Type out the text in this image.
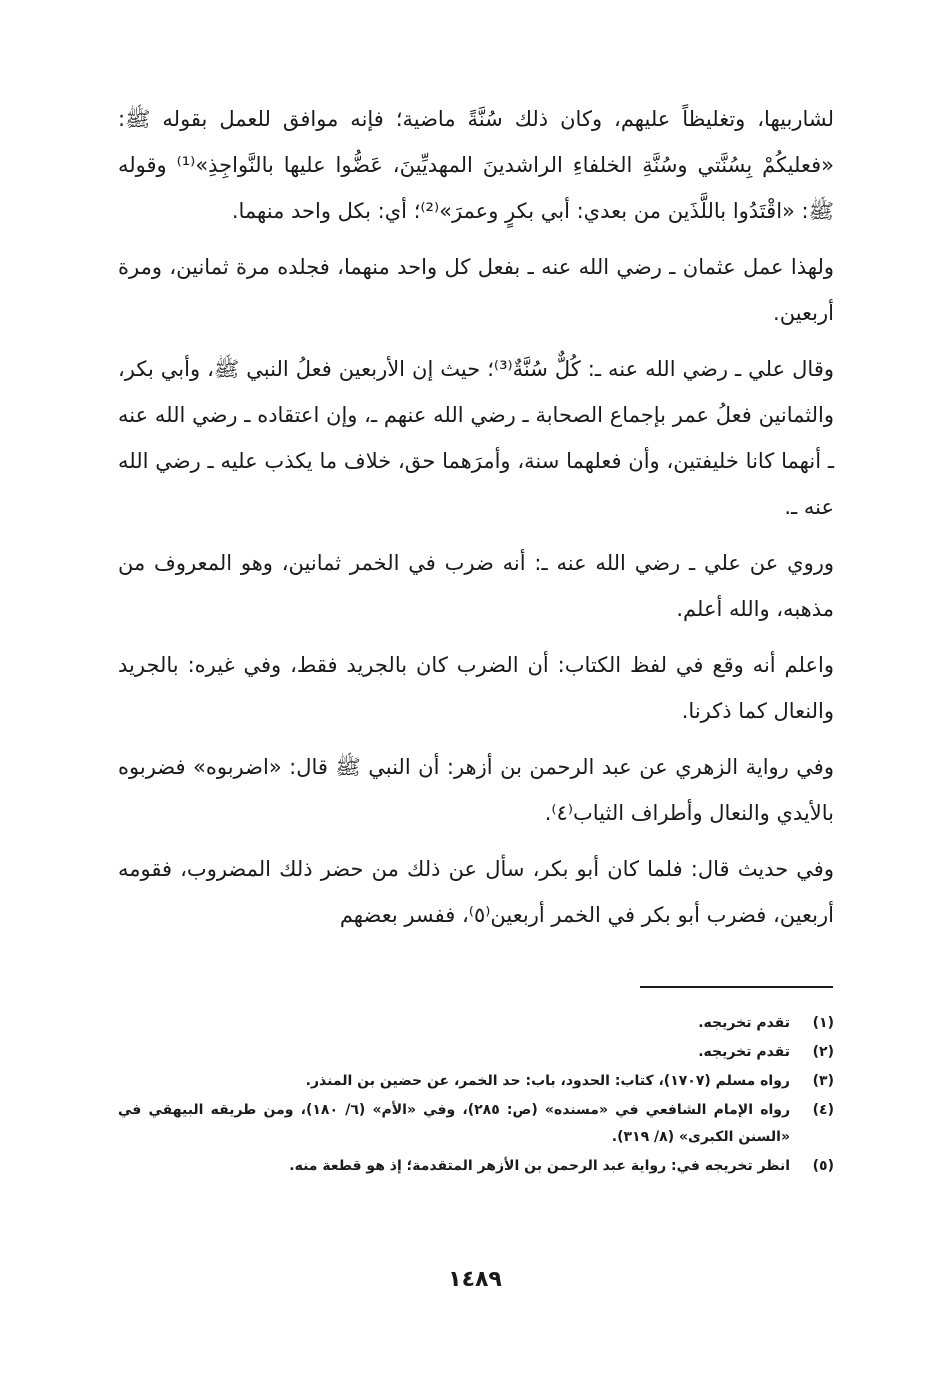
لشاربيها، وتغليظاً عليهم، وكان ذلك سُنَّةً ماضية؛ فإنه موافق للعمل بقوله ﷺ: «فعليكُمْ بِسُنَّتي وسُنَّةِ الخلفاءِ الراشدينَ المهديِّينَ، عَضُّوا عليها بالنَّواجِذِ»⁽¹⁾ وقوله ﷺ: «اقْتَدُوا باللَّذَين من بعدي: أبي بكرٍ وعمرَ»⁽²⁾؛ أي: بكل واحد منهما.

ولهذا عمل عثمان ـ رضي الله عنه ـ بفعل كل واحد منهما، فجلده مرة ثمانين، ومرة أربعين.

وقال علي ـ رضي الله عنه ـ: كُلٌّ سُنَّةٌ⁽³⁾؛ حيث إن الأربعين فعلُ النبي ﷺ، وأبي بكر، والثمانين فعلُ عمر بإجماع الصحابة ـ رضي الله عنهم ـ، وإن اعتقاده ـ رضي الله عنه ـ أنهما كانا خليفتين، وأن فعلهما سنة، وأمرَهما حق، خلاف ما يكذب عليه ـ رضي الله عنه ـ.

وروي عن علي ـ رضي الله عنه ـ: أنه ضرب في الخمر ثمانين، وهو المعروف من مذهبه، والله أعلم.

واعلم أنه وقع في لفظ الكتاب: أن الضرب كان بالجريد فقط، وفي غيره: بالجريد والنعال كما ذكرنا.

وفي رواية الزهري عن عبد الرحمن بن أزهر: أن النبي ﷺ قال: «اضربوه» فضربوه بالأيدي والنعال وأطراف الثياب⁽٤⁾.

وفي حديث قال: فلما كان أبو بكر، سأل عن ذلك من حضر ذلك المضروب، فقومه أربعين، فضرب أبو بكر في الخمر أربعين⁽٥⁾، ففسر بعضهم

(١)
تقدم تخريجه.
(٢)
تقدم تخريجه.
(٣)
رواه مسلم (١٧٠٧)، كتاب: الحدود، باب: حد الخمر، عن حضين بن المنذر.
(٤)
رواه الإمام الشافعي في «مسنده» (ص: ٢٨٥)، وفي «الأم» (٦/ ١٨٠)، ومن طريقه البيهقي في «السنن الكبرى» (٨/ ٣١٩).
(٥)
انظر تخريجه في: رواية عبد الرحمن بن الأزهر المتقدمة؛ إذ هو قطعة منه.
١٤٨٩
